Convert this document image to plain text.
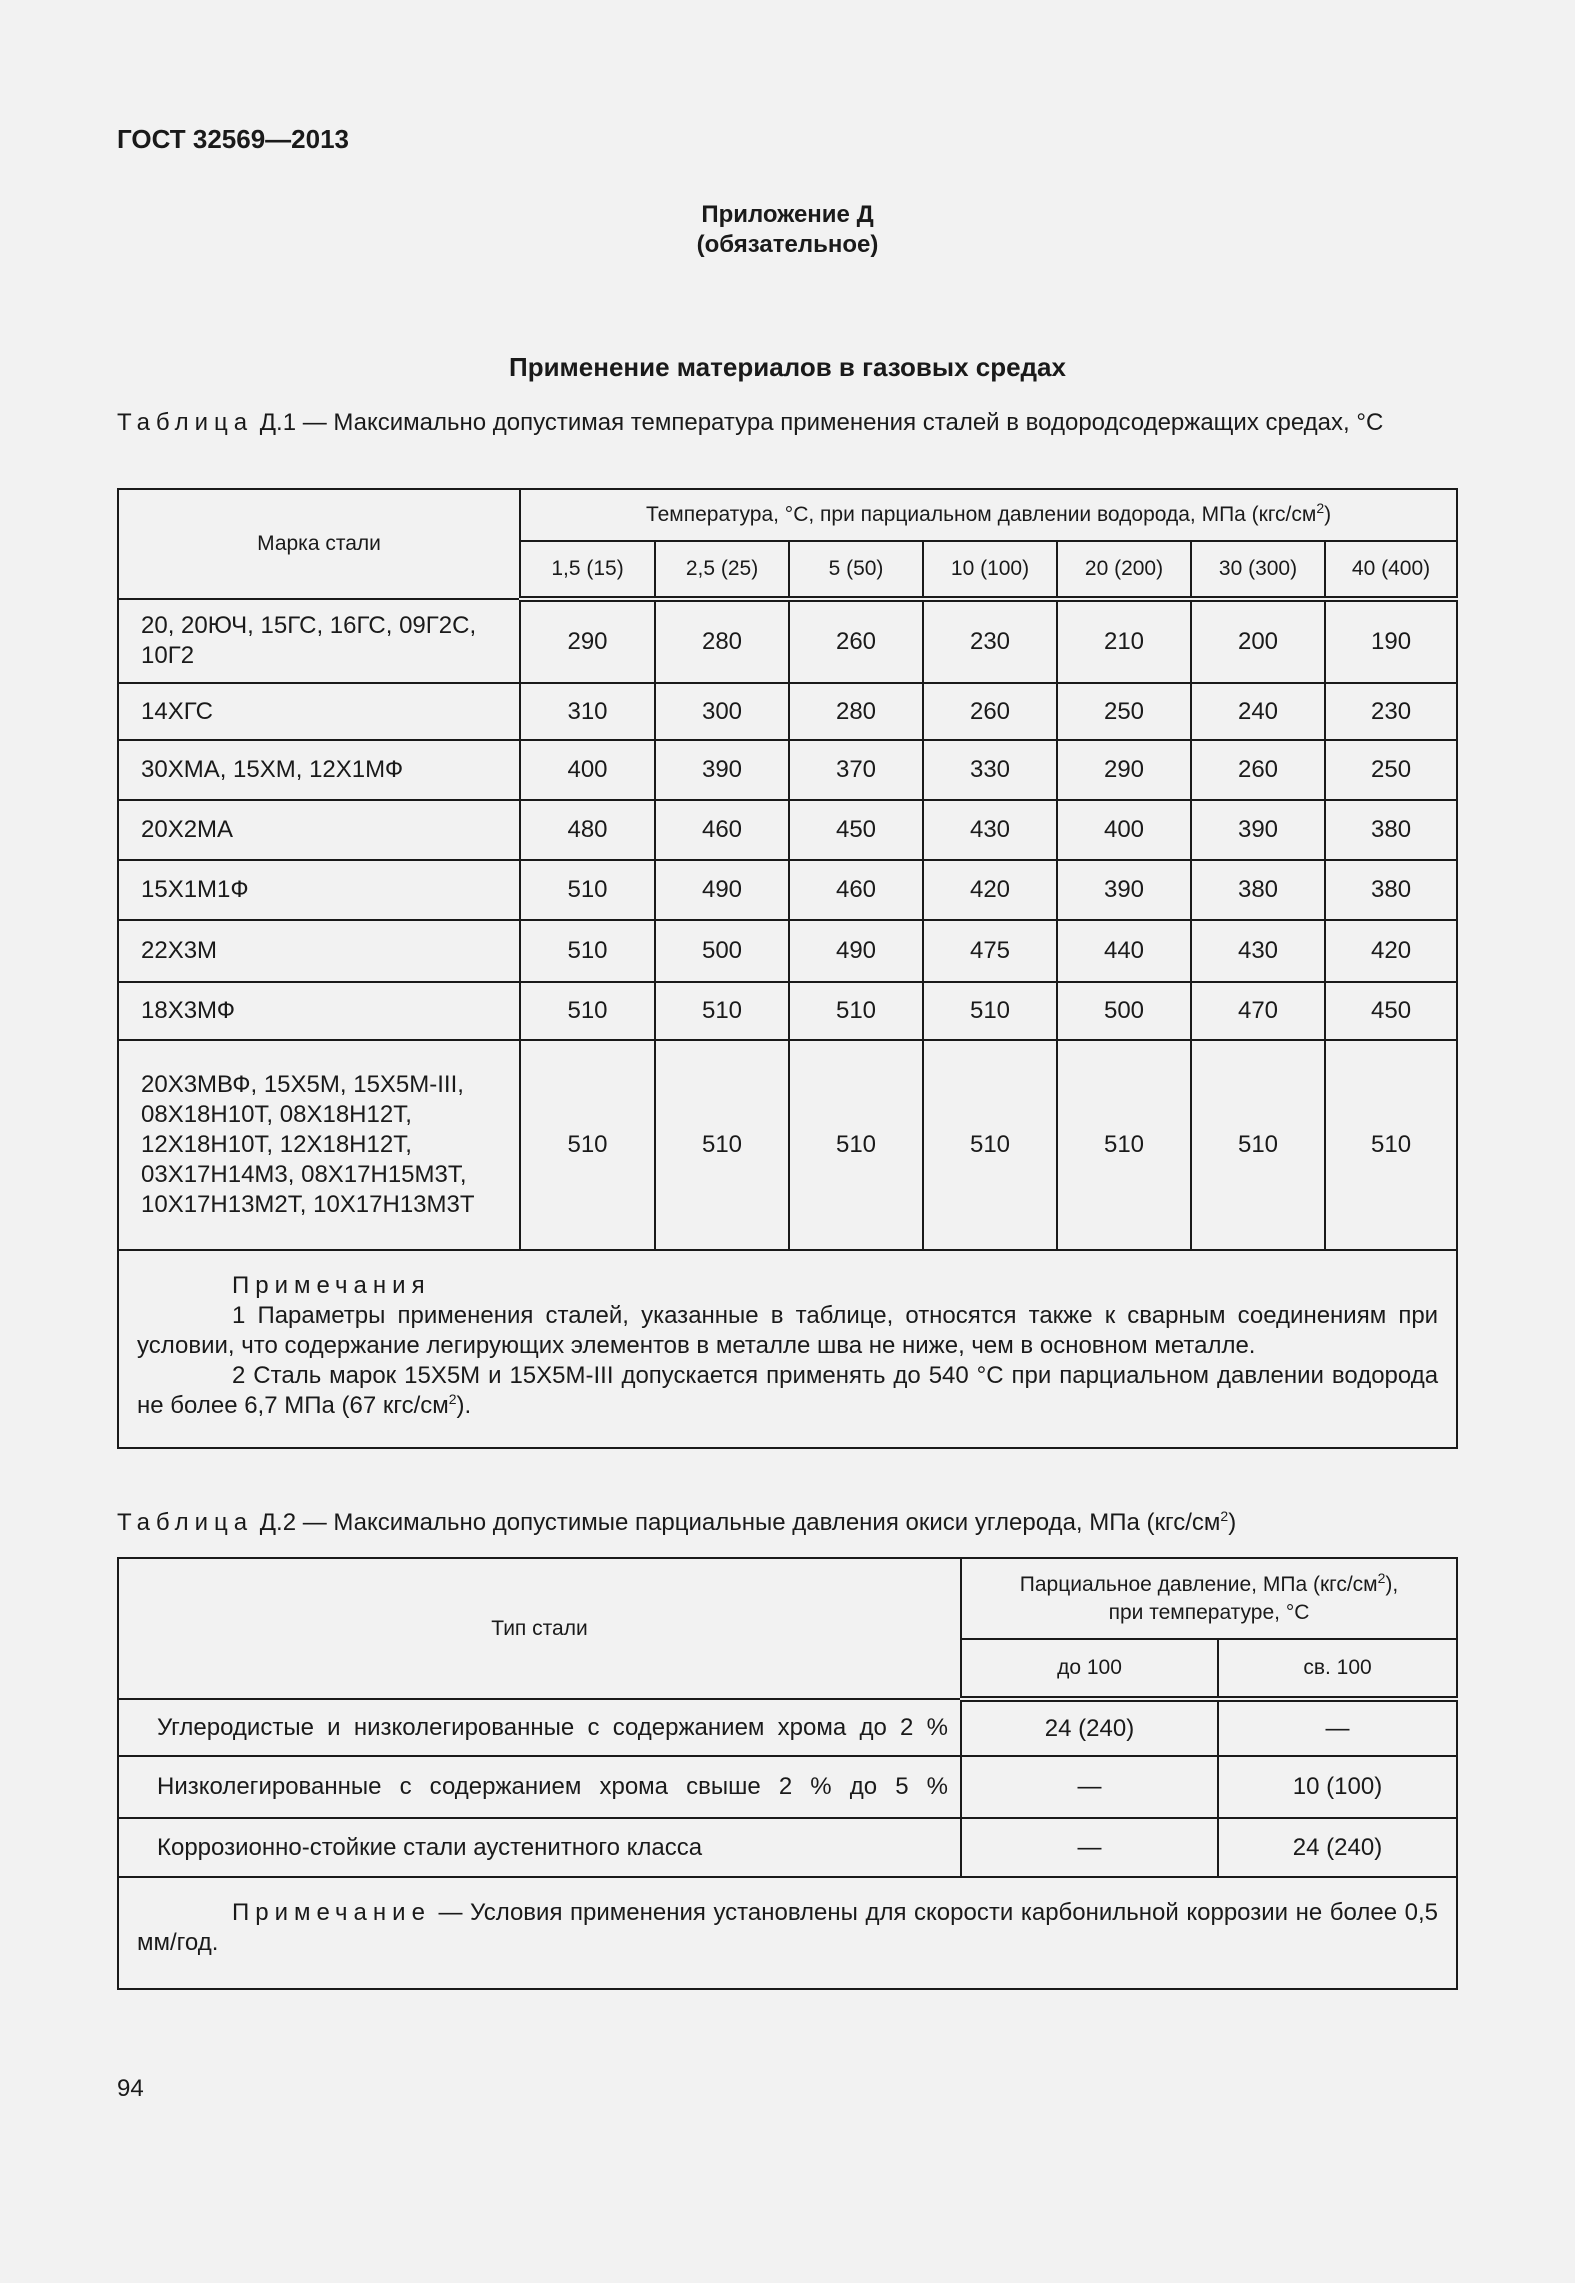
ГОСТ 32569—2013
Приложение Д
(обязательное)
Применение материалов в газовых средах
Таблица Д.1 — Максимально допустимая температура применения сталей в водородсодержащих средах, °С
Марка стали	Температура, °С, при парциальном давлении водорода, МПа $(кгс/см^2)$						
	1,5 (15)	2,5 (25)	5 (50)	10 (100)	20 (200)	30 (300)	40 (400)
20, 20ЮЧ, 15ГС, 16ГС, 09Г2С, 10Г2	290	280	260	230	210	200	190
14ХГС	310	300	280	260	250	240	230
30ХМА, 15ХМ, 12Х1МФ	400	390	370	330	290	260	250
20Х2МА	480	460	450	430	400	390	380
15Х1М1Ф	510	490	460	420	390	380	380
22Х3М	510	500	490	475	440	430	420
18Х3МФ	510	510	510	510	500	470	450
20Х3МВФ, 15Х5М, 15Х5М-III, 08Х18Н10Т, 08Х18Н12Т, 12Х18Н10Т, 12Х18Н12Т, 03Х17Н14М3, 08Х17Н15М3Т, 10Х17Н13М2Т, 10Х17Н13М3Т	510	510	510	510	510	510	510

Примечания
1 Параметры применения сталей, указанные в таблице, относятся также к сварным соединениям при условии, что содержание легирующих элементов в металле шва не ниже, чем в основном металле.
2 Сталь марок 15Х5М и 15Х5М-III допускается применять до 540 °С при парциальном давлении водорода не более 6,7 МПа (67 кгс/$см^2$).							
Таблица Д.2 — Максимально допустимые парциальные давления окиси углерода, МПа $(кгс/см^2)$
Тип стали	Парциальное давление, МПа $(кгс/см^2)$,
при температуре, °С	
	до 100	св. 100
Углеродистые и низколегированные с содержанием хрома до 2 %	24 (240)	—
Низколегированные с содержанием хрома свыше 2 % до 5 %	—	10 (100)
Коррозионно-стойкие стали аустенитного класса	—	24 (240)

Примечание — Условия применения установлены для скорости карбонильной коррозии не более 0,5 мм/год.		
94
